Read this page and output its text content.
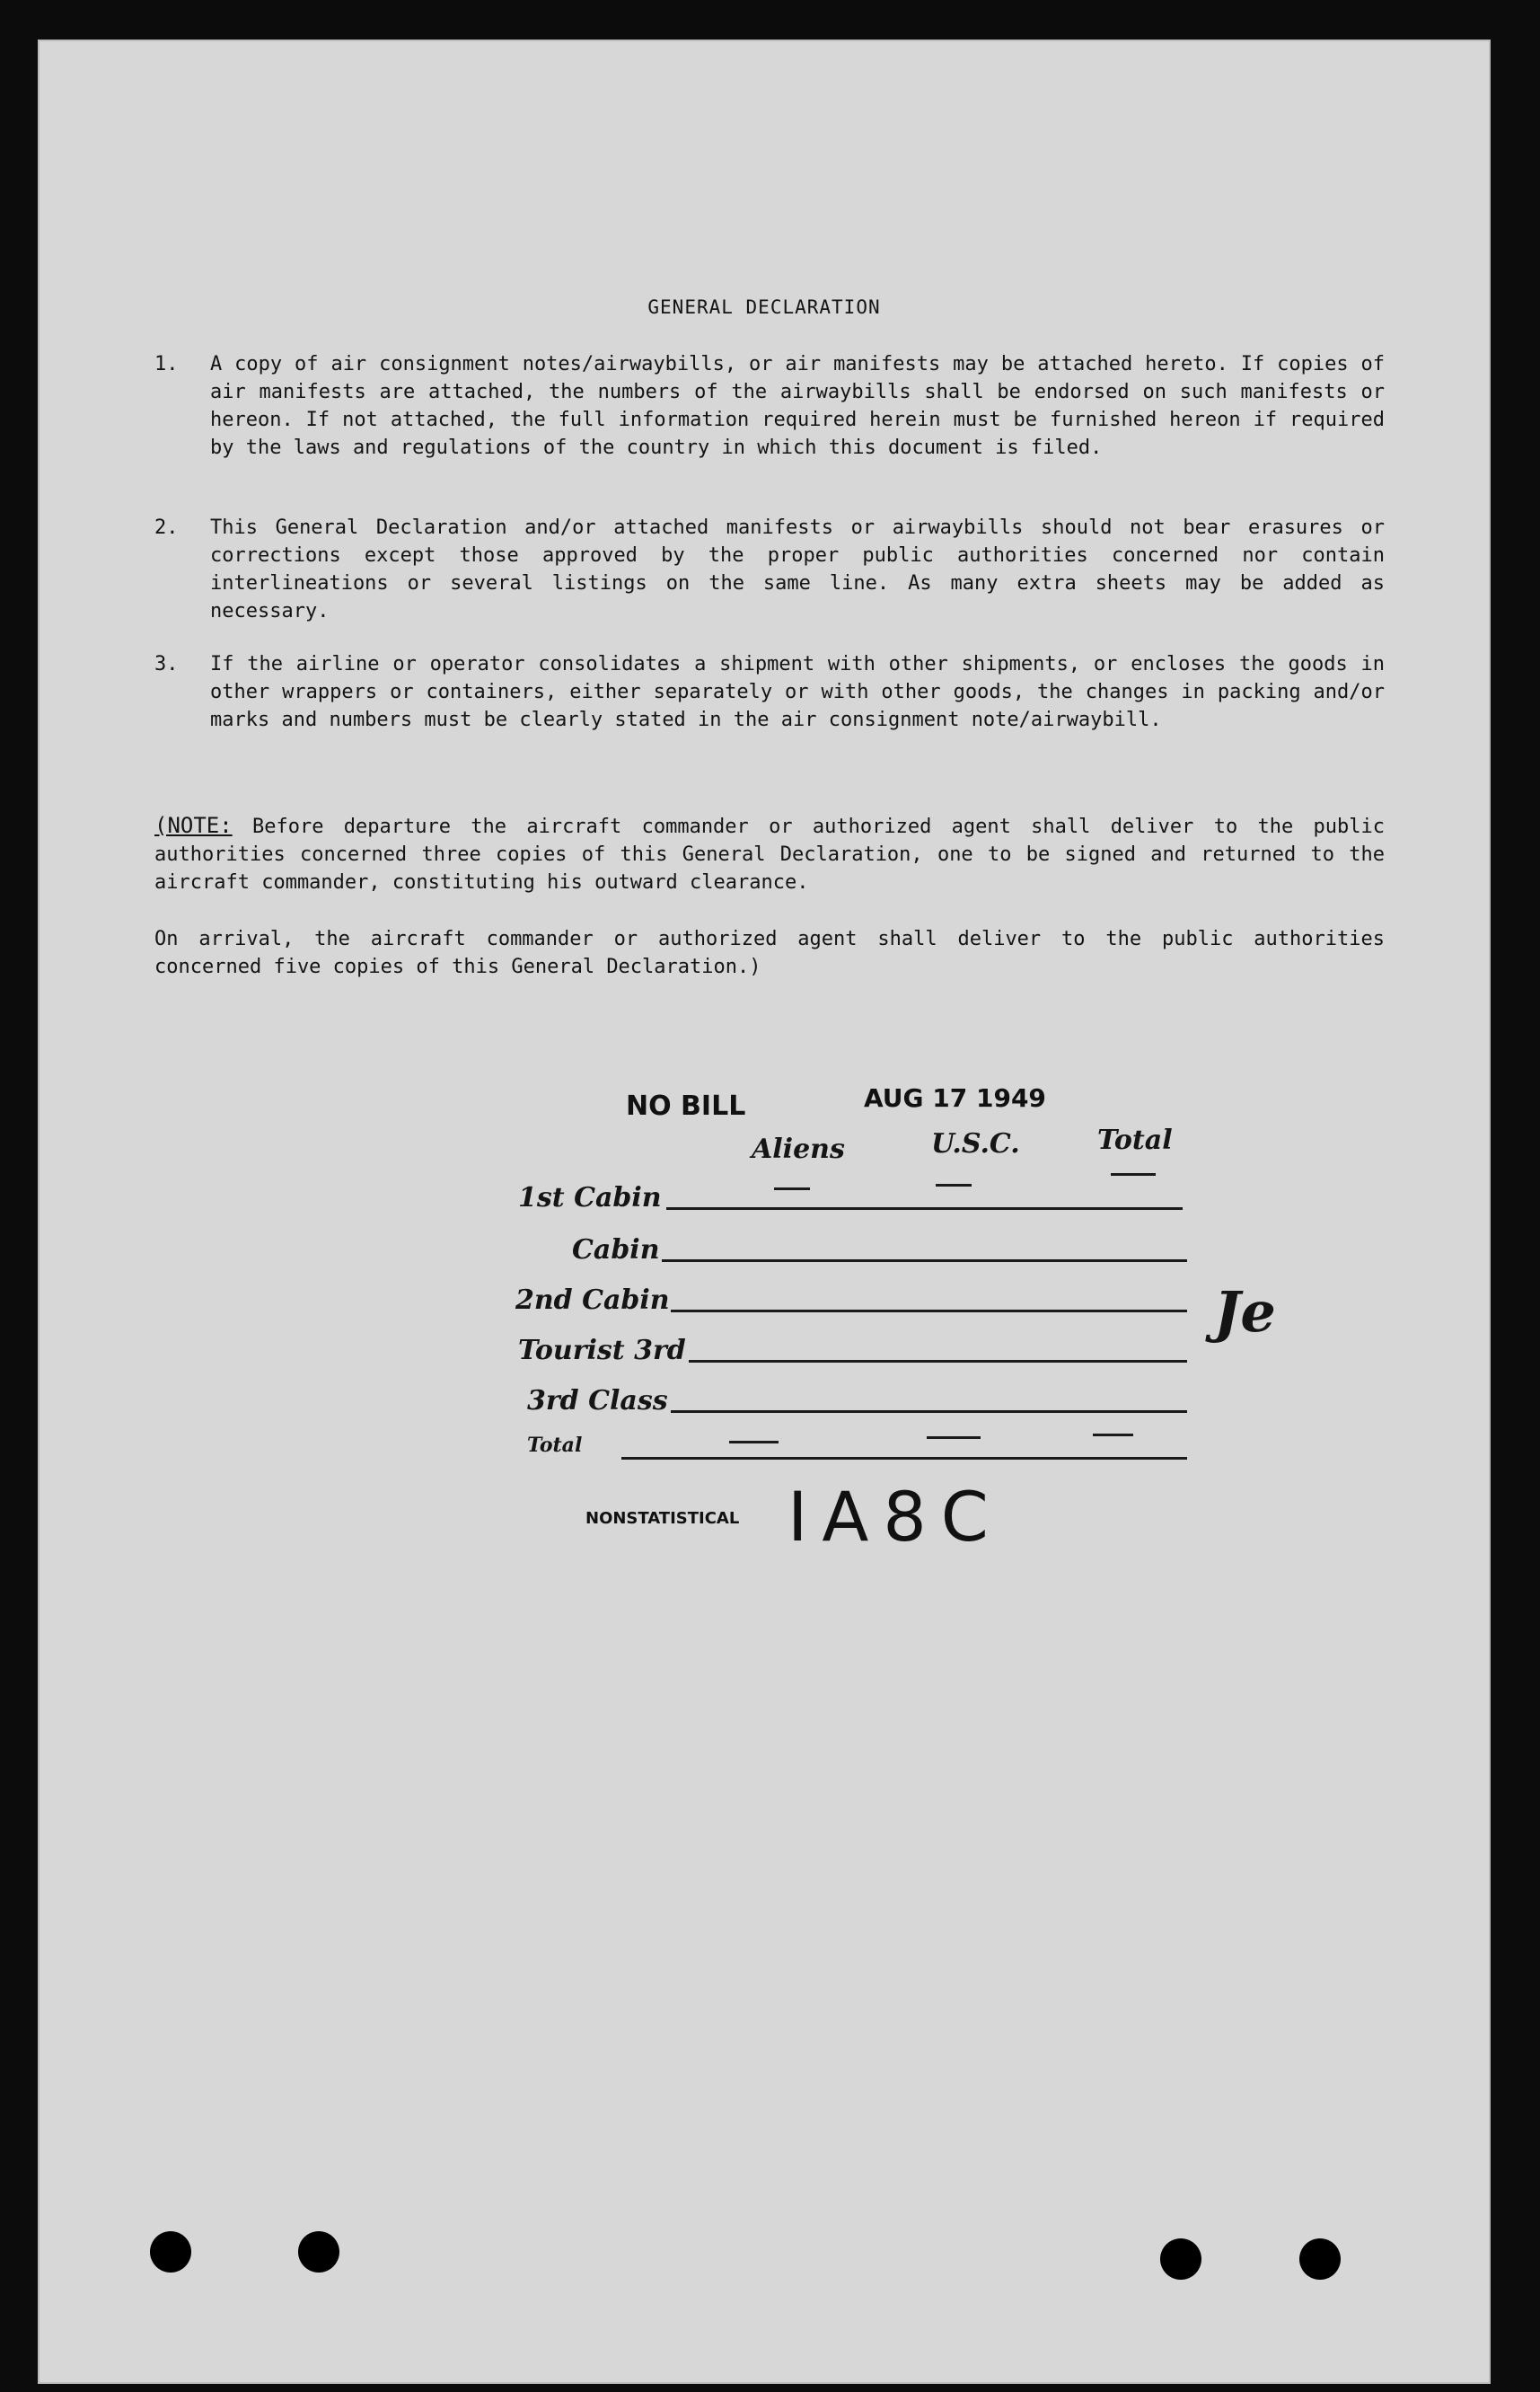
GENERAL DECLARATION
1. A copy of air consignment notes/airwaybills, or air manifests may be attached hereto. If copies of air manifests are attached, the numbers of the airwaybills shall be endorsed on such manifests or hereon. If not attached, the full information required herein must be furnished hereon if required by the laws and regulations of the country in which this document is filed.
2. This General Declaration and/or attached manifests or airwaybills should not bear erasures or corrections except those approved by the proper public authorities concerned nor contain interlineations or several listings on the same line. As many extra sheets may be added as necessary.
3. If the airline or operator consolidates a shipment with other shipments, or encloses the goods in other wrappers or containers, either separately or with other goods, the changes in packing and/or marks and numbers must be clearly stated in the air consignment note/airwaybill.
(NOTE: Before departure the aircraft commander or authorized agent shall deliver to the public authorities concerned three copies of this General Declaration, one to be signed and returned to the aircraft commander, constituting his outward clearance.
On arrival, the aircraft commander or authorized agent shall deliver to the public authorities concerned five copies of this General Declaration.)
NO BILL	AUG 17 1949
Aliens	U.S.C.	Total
1st Cabin
Cabin
2nd Cabin
Tourist 3rd
3rd Class
Total
Je
NONSTATISTICAL IA8C
